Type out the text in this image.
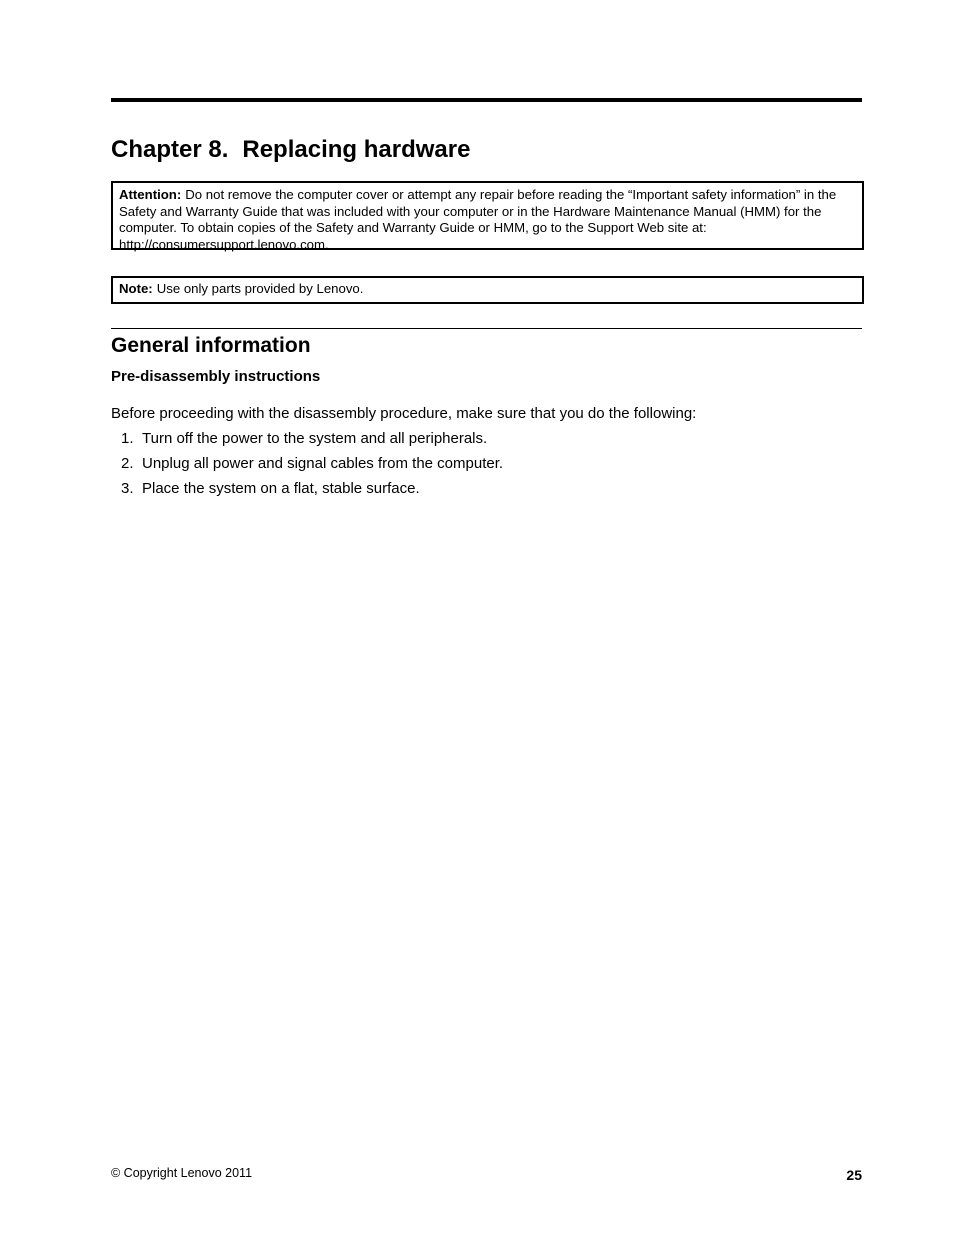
Chapter 8. Replacing hardware
Attention: Do not remove the computer cover or attempt any repair before reading the “Important safety information” in the Safety and Warranty Guide that was included with your computer or in the Hardware Maintenance Manual (HMM) for the computer. To obtain copies of the Safety and Warranty Guide or HMM, go to the Support Web site at: http://consumersupport.lenovo.com.
Note: Use only parts provided by Lenovo.
General information
Pre-disassembly instructions

Before proceeding with the disassembly procedure, make sure that you do the following:

1. Turn off the power to the system and all peripherals.
2. Unplug all power and signal cables from the computer.
3. Place the system on a flat, stable surface.
© Copyright Lenovo 2011	25
